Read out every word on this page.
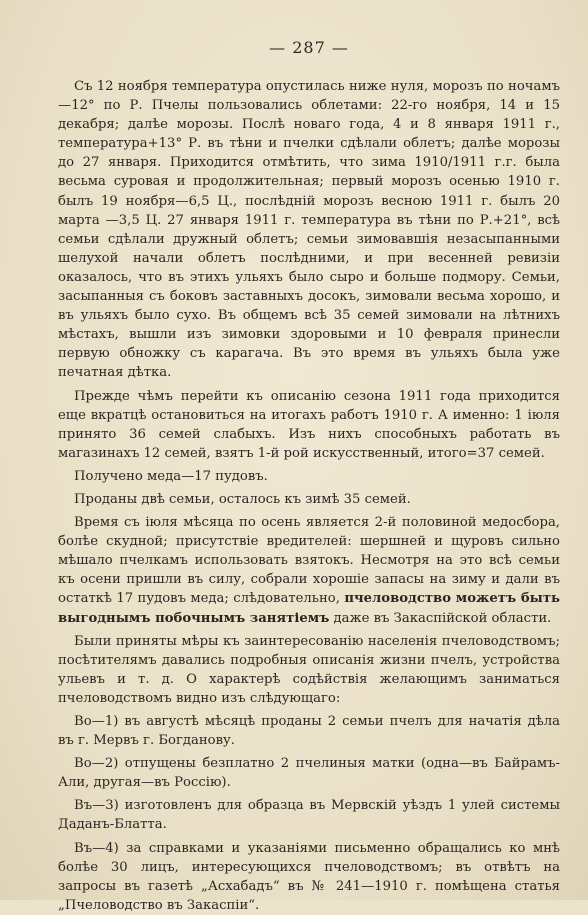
— 287 —

Съ 12 ноября температура опустилась ниже нуля, морозъ по ночамъ—12° по Р. Пчелы пользовались облетами: 22-го ноября, 14 и 15 декабря; далѣе морозы. Послѣ новаго года, 4 и 8 января 1911 г., температура+13° Р. въ тѣни и пчелки сдѣлали облетъ; далѣе морозы до 27 января. Приходится отмѣтить, что зима 1910/1911 г.г. была весьма суровая и продолжительная; первый морозъ осенью 1910 г. былъ 19 ноября—6,5 Ц., послѣдній морозъ весною 1911 г. былъ 20 марта —3,5 Ц. 27 января 1911 г. температура въ тѣни по Р.+21°, всѣ семьи сдѣлали дружный облетъ; семьи зимовавшія незасыпанными шелухой начали облетъ послѣдними, и при весенней ревизіи оказалось, что въ этихъ ульяхъ было сыро и больше подмору. Семьи, засыпанныя съ боковъ заставныхъ досокъ, зимовали весьма хорошо, и въ ульяхъ было сухо. Въ общемъ всѣ 35 семей зимовали на лѣтнихъ мѣстахъ, вышли изъ зимовки здоровыми и 10 февраля принесли первую обножку съ карагача. Въ это время въ ульяхъ была уже печатная дѣтка.

Прежде чѣмъ перейти къ описанію сезона 1911 года приходится еще вкратцѣ остановиться на итогахъ работъ 1910 г. А именно: 1 іюля принято 36 семей слабыхъ. Изъ нихъ способныхъ работать въ магазинахъ 12 семей, взятъ 1-й рой искусственный, итого=37 семей.

Получено меда—17 пудовъ.

Проданы двѣ семьи, осталось къ зимѣ 35 семей.

Время съ іюля мѣсяца по осень является 2-й половиной медосбора, болѣе скудной; присутствіе вредителей: шершней и щуровъ сильно мѣшало пчелкамъ использовать взятокъ. Несмотря на это всѣ семьи къ осени пришли въ силу, собрали хорошіе запасы на зиму и дали въ остаткѣ 17 пудовъ меда; слѣдовательно, пчеловодство можетъ быть выгоднымъ побочнымъ занятіемъ даже въ Закаспійской области.

Были приняты мѣры къ заинтересованію населенія пчеловодствомъ; посѣтителямъ давались подробныя описанія жизни пчелъ, устройства ульевъ и т. д. О характерѣ содѣйствія желающимъ заниматься пчеловодствомъ видно изъ слѣдующаго:

Во—1) въ августѣ мѣсяцѣ проданы 2 семьи пчелъ для начатія дѣла въ г. Мервъ г. Богданову.

Во—2) отпущены безплатно 2 пчелиныя матки (одна—въ Байрамъ-Али, другая—въ Россію).

Въ—3) изготовленъ для образца въ Мервскій уѣздъ 1 улей системы Даданъ-Блатта.

Въ—4) за справками и указаніями письменно обращались ко мнѣ болѣе 30 лицъ, интересующихся пчеловодствомъ; въ отвѣтъ на запросы въ газетѣ „Асхабадъ“ въ № 241—1910 г. помѣщена статья „Пчеловодство въ Закаспіи“.
